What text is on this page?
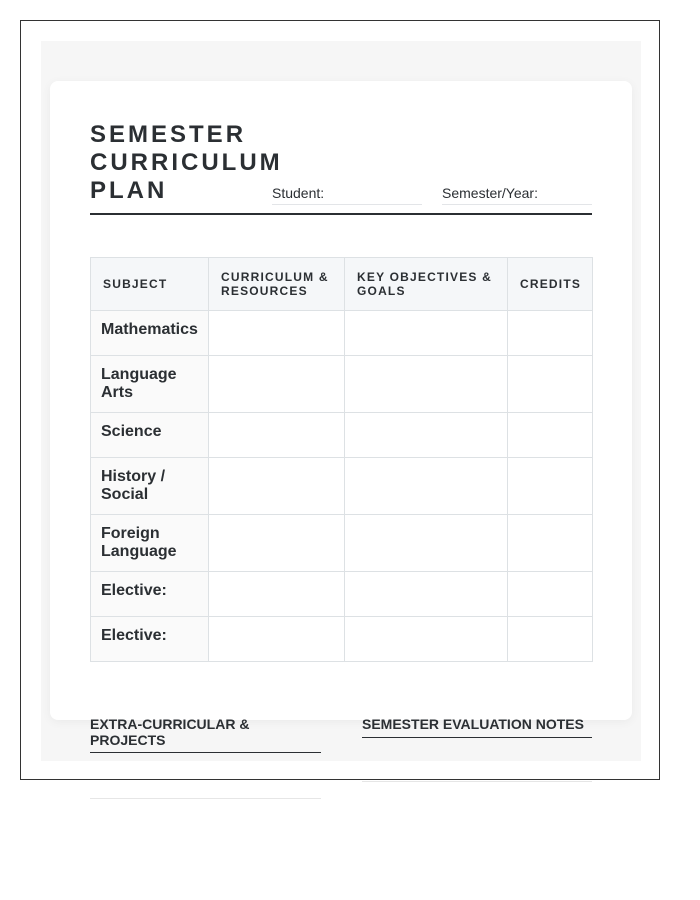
SEMESTER
CURRICULUM
PLAN	Student:	Semester/Year:
SUBJECT	CURRICULUM & RESOURCES	KEY OBJECTIVES & GOALS	CREDITS
Mathematics			
Language Arts			
Science			
History / Social			
Foreign Language			
Elective:			
Elective:			
EXTRA-CURRICULAR & PROJECTS
SEMESTER EVALUATION NOTES
